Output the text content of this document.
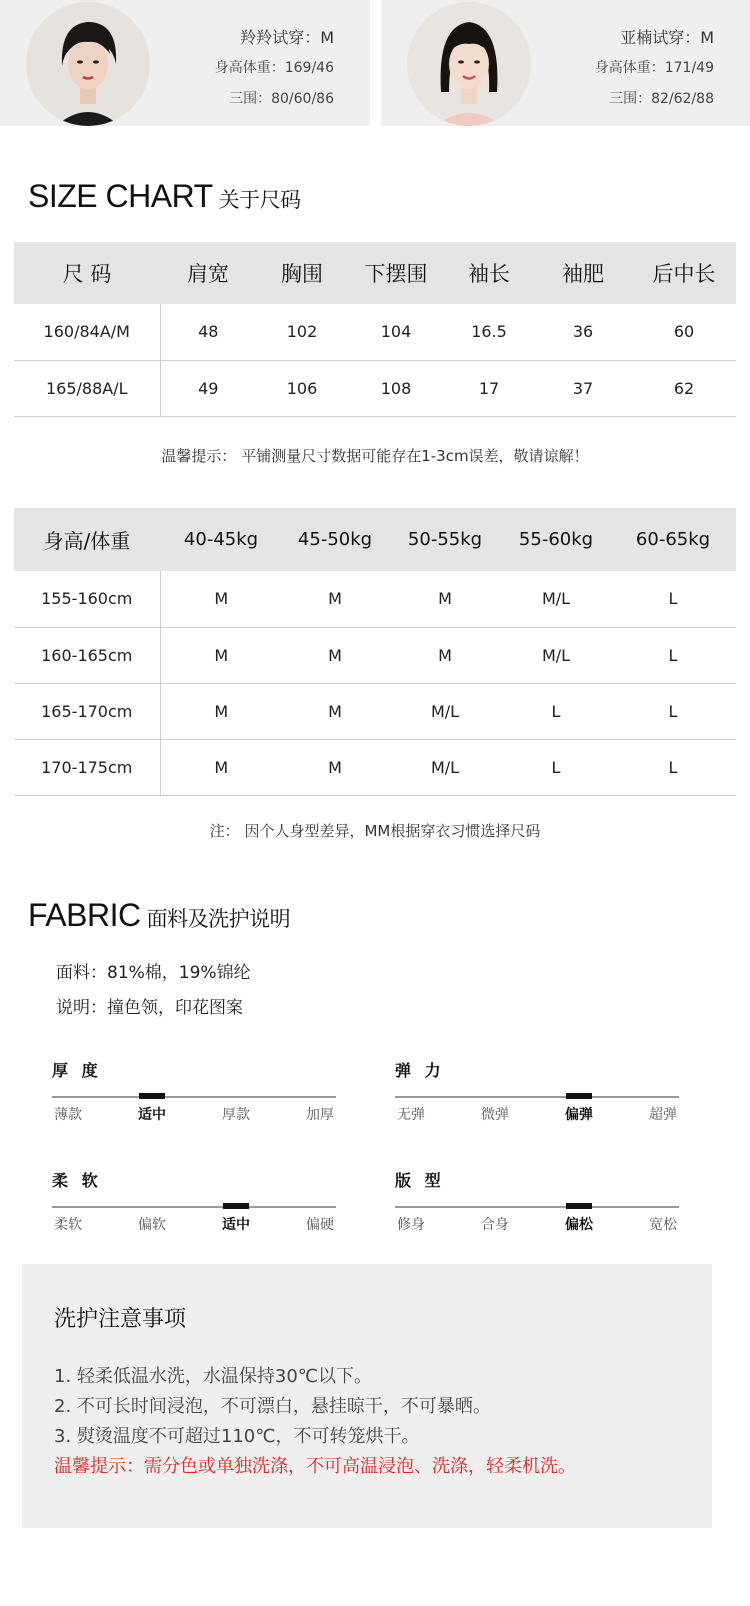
羚羚试穿：M
身高体重：169/46
三围：80/60/86
亚楠试穿：M
身高体重：171/49
三围：82/62/88
SIZE CHART 关于尺码
尺 码	肩宽	胸围	下摆围	袖长	袖肥	后中长
160/84A/M	48	102	104	16.5	36	60
165/88A/L	49	106	108	17	37	62
温馨提示： 平铺测量尺寸数据可能存在1-3cm误差，敬请谅解！
身高/体重	40-45kg	45-50kg	50-55kg	55-60kg	60-65kg
155-160cm	M	M	M	M/L	L
160-165cm	M	M	M	M/L	L
165-170cm	M	M	M/L	L	L
170-175cm	M	M	M/L	L	L
注： 因个人身型差异，MM根据穿衣习惯选择尺码
FABRIC 面料及洗护说明
面料：81%棉，19%锦纶
说明：撞色领，印花图案
厚 度
薄款	适中	厚款	加厚
弹 力
无弹	微弹	偏弹	超弹
柔 软
柔软	偏软	适中	偏硬
版 型
修身	合身	偏松	宽松
洗护注意事项
1. 轻柔低温水洗，水温保持30℃以下。
2. 不可长时间浸泡，不可漂白，悬挂晾干，不可暴晒。
3. 熨烫温度不可超过110℃，不可转笼烘干。
温馨提示：需分色或单独洗涤，不可高温浸泡、洗涤，轻柔机洗。
